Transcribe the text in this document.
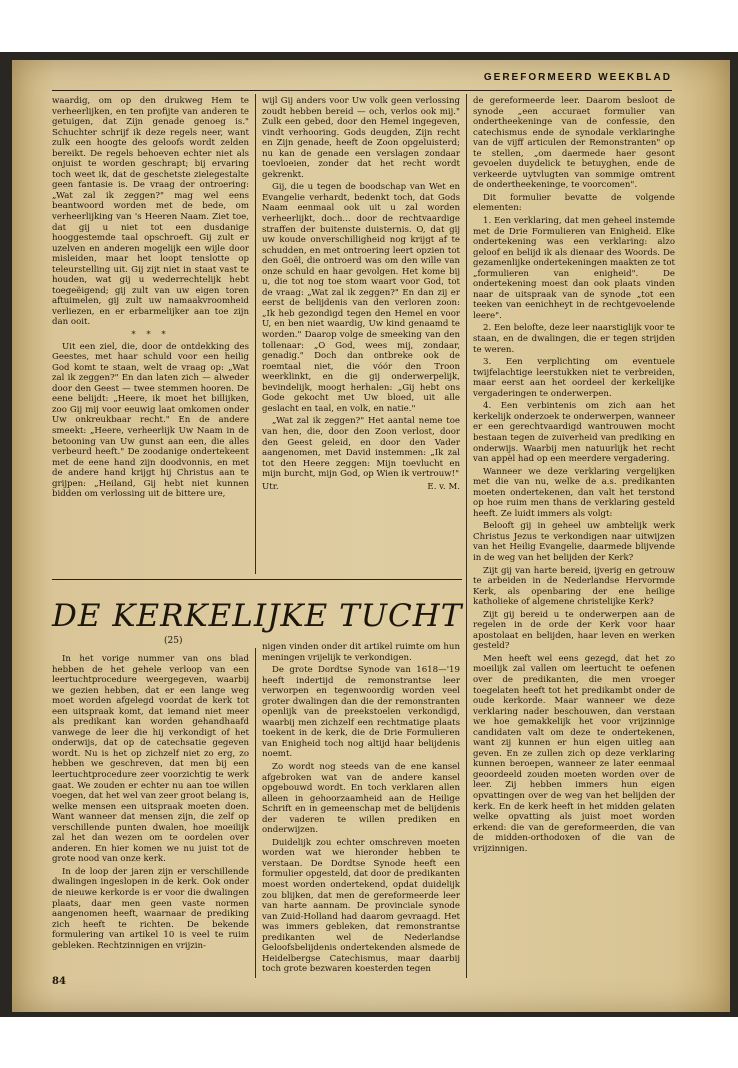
GEREFORMEERD WEEKBLAD

waardig, om op den drukweg Hem te verheerlijken, en ten profijte van anderen te getuigen, dat Zijn genade genoeg is." Schuchter schrijf ik deze regels neer, want zulk een hoogte des geloofs wordt zelden bereikt. De regels behoeven echter niet als onjuist te worden geschrapt; bij ervaring toch weet ik, dat de geschetste zielegestalte geen fantasie is. De vraag der ontroering: „Wat zal ik zeggen?" mag wel eens beantwoord worden met de bede, om verheerlijking van 's Heeren Naam. Ziet toe, dat gij u niet tot een dusdanige hooggestemde taal opschroeft. Gij zult er uzelven en anderen mogelijk een wijle door misleiden, maar het loopt tenslotte op teleurstelling uit. Gij zijt niet in staat vast te houden, wat gij u wederrechtelijk hebt toegeëigend; gij zult van uw eigen toren aftuimelen, gij zult uw namaakvroomheid verliezen, en er erbarmelijker aan toe zijn dan ooit.

* * *

Uit een ziel, die, door de ontdekking des Geestes, met haar schuld voor een heilig God komt te staan, welt de vraag op: „Wat zal ik zeggen?" En dan laten zich — alweder door den Geest — twee stemmen hooren. De eene belijdt: „Heere, ik moet het billijken, zoo Gij mij voor eeuwig laat omkomen onder Uw onkreukbaar recht." En de andere smeekt: „Heere, verheerlijk Uw Naam in de betooning van Uw gunst aan een, die alles verbeurd heeft." De zoodanige ondertekeent met de eene hand zijn doodvonnis, en met de andere hand krijgt hij Christus aan te grijpen: „Heiland, Gij hebt niet kunnen bidden om verlossing uit de bittere ure,

wijl Gij anders voor Uw volk geen verlossing zoudt hebben bereid — och, verlos ook mij." Zulk een gebed, door den Hemel ingegeven, vindt verhooring. Gods deugden, Zijn recht en Zijn genade, heeft de Zoon opgeluisterd; nu kan de genade een verslagen zondaar toevloeien, zonder dat het recht wordt gekrenkt.

Gij, die u tegen de boodschap van Wet en Evangelie verhardt, bedenkt toch, dat Gods Naam eenmaal ook uit u zal worden verheerlijkt, doch... door de rechtvaardige straffen der buitenste duisternis. O, dat gij uw koude onverschilligheid nog krijgt af te schudden, en met ontroering leert opzien tot den Goël, die ontroerd was om den wille van onze schuld en haar gevolgen. Het kome bij u, die tot nog toe stom waart voor God, tot de vraag: „Wat zal ik zeggen?" En dan zij er eerst de belijdenis van den verloren zoon: „Ik heb gezondigd tegen den Hemel en voor U, en ben niet waardig, Uw kind genaamd te worden." Daarop volge de smeeking van den tollenaar: „O God, wees mij, zondaar, genadig." Doch dan ontbreke ook de roemtaal niet, die vóór den Troon weerklinkt, en die gij onderwerpelijk, bevindelijk, moogt herhalen: „Gij hebt ons Gode gekocht met Uw bloed, uit alle geslacht en taal, en volk, en natie."

„Wat zal ik zeggen?" Het aantal neme toe van hen, die, door den Zoon verlost, door den Geest geleid, en door den Vader aangenomen, met David instemmen: „Ik zal tot den Heere zeggen: Mijn toevlucht en mijn burcht, mijn God, op Wien ik vertrouw!"

Utr.	E. v. M.
DE KERKELIJKE TUCHT
(25)

In het vorige nummer van ons blad hebben de het gehele verloop van een leertuchtprocedure weergegeven, waarbij we gezien hebben, dat er een lange weg moet worden afgelegd voordat de kerk tot een uitspraak komt, dat iemand niet meer als predikant kan worden gehandhaafd vanwege de leer die hij verkondigt of het onderwijs, dat op de catechsatie gegeven wordt. Nu is het op zichzelf niet zo erg, zo hebben we geschreven, dat men bij een leertuchtprocedure zeer voorzichtig te werk gaat. We zouden er echter nu aan toe willen voegen, dat het wel van zeer groot belang is, welke mensen een uitspraak moeten doen. Want wanneer dat mensen zijn, die zelf op verschillende punten dwalen, hoe moeilijk zal het dan wezen om te oordelen over anderen. En hier komen we nu juist tot de grote nood van onze kerk.

In de loop der jaren zijn er verschillende dwalingen ingeslopen in de kerk. Ook onder de nieuwe kerkorde is er voor die dwalingen plaats, daar men geen vaste normen aangenomen heeft, waarnaar de prediking zich heeft te richten. De bekende formulering van artikel 10 is veel te ruim gebleken. Rechtzinnigen en vrijzin-

nigen vinden onder dit artikel ruimte om hun meningen vrijelijk te verkondigen.

De grote Dordtse Synode van 1618—'19 heeft indertijd de remonstrantse leer verworpen en tegenwoordig worden veel groter dwalingen dan die der remonstranten openlijk van de preekstoelen verkondigd, waarbij men zichzelf een rechtmatige plaats toekent in de kerk, die de Drie Formulieren van Enigheid toch nog altijd haar belijdenis noemt.

Zo wordt nog steeds van de ene kansel afgebroken wat van de andere kansel opgebouwd wordt. En toch verklaren allen alleen in gehoorzaamheid aan de Heilige Schrift en in gemeenschap met de belijdenis der vaderen te willen prediken en onderwijzen.

Duidelijk zou echter omschreven moeten worden wat we hieronder hebben te verstaan. De Dordtse Synode heeft een formulier opgesteld, dat door de predikanten moest worden ondertekend, opdat duidelijk zou blijken, dat men de gereformeerde leer van harte aannam. De provinciale synode van Zuid-Holland had daarom gevraagd. Het was immers gebleken, dat remonstrantse predikanten wel de Nederlandse Geloofsbelijdenis ondertekenden alsmede de Heidelbergse Catechismus, maar daarbij toch grote bezwaren koesterden tegen

de gereformeerde leer. Daarom besloot de synode „een accuraet formulier van ondertheekeninge van de confessie, den catechismus ende de synodale verklaringhe van de vijff articulen der Remonstranten" op te stellen, „om daermede haer gesont gevoelen duydelick te betuyghen, ende de verkeerde uytvlugten van sommige omtrent de ondertheekeninge, te voorcomen".

Dit formulier bevatte de volgende elementen:

1. Een verklaring, dat men geheel instemde met de Drie Formulieren van Enigheid. Elke ondertekening was een verklaring: alzo geloof en belijd ik als dienaar des Woords. De gezamenlijke ondertekeningen maakten ze tot „formulieren van enigheid". De ondertekening moest dan ook plaats vinden naar de uitspraak van de synode „tot een teeken van eenichheyt in de rechtgevoelende leere".

2. Een belofte, deze leer naarstiglijk voor te staan, en de dwalingen, die er tegen strijden te weren.

3. Een verplichting om eventuele twijfelachtige leerstukken niet te verbreiden, maar eerst aan het oordeel der kerkelijke vergaderingen te onderwerpen.

4. Een verbintenis om zich aan het kerkelijk onderzoek te onderwerpen, wanneer er een gerechtvaardigd wantrouwen mocht bestaan tegen de zuiverheid van prediking en onderwijs. Waarbij men natuurlijk het recht van appèl had op een meerdere vergadering.

Wanneer we deze verklaring vergelijken met die van nu, welke de a.s. predikanten moeten ondertekenen, dan valt het terstond op hoe ruim men thans de verklaring gesteld heeft. Ze luidt immers als volgt:

Belooft gij in geheel uw ambtelijk werk Christus Jezus te verkondigen naar uitwijzen van het Heilig Evangelie, daarmede blijvende in de weg van het belijden der Kerk?

Zijt gij van harte bereid, ijverig en getrouw te arbeiden in de Nederlandse Hervormde Kerk, als openbaring der ene heilige katholieke of algemene christelijke Kerk?

Zijt gij bereid u te onderwerpen aan de regelen in de orde der Kerk voor haar apostolaat en belijden, haar leven en werken gesteld?

Men heeft wel eens gezegd, dat het zo moeilijk zal vallen om leertucht te oefenen over de predikanten, die men vroeger toegelaten heeft tot het predikambt onder de oude kerkorde. Maar wanneer we deze verklaring nader beschouwen, dan verstaan we hoe gemakkelijk het voor vrijzinnige candidaten valt om deze te ondertekenen, want zij kunnen er hun eigen uitleg aan geven. En ze zullen zich op deze verklaring kunnen beroepen, wanneer ze later eenmaal geoordeeld zouden moeten worden over de leer. Zij hebben immers hun eigen opvattingen over de weg van het belijden der kerk. En de kerk heeft in het midden gelaten welke opvatting als juist moet worden erkend: die van de gereformeerden, die van de midden-orthodoxen of die van de vrijzinnigen.

84
